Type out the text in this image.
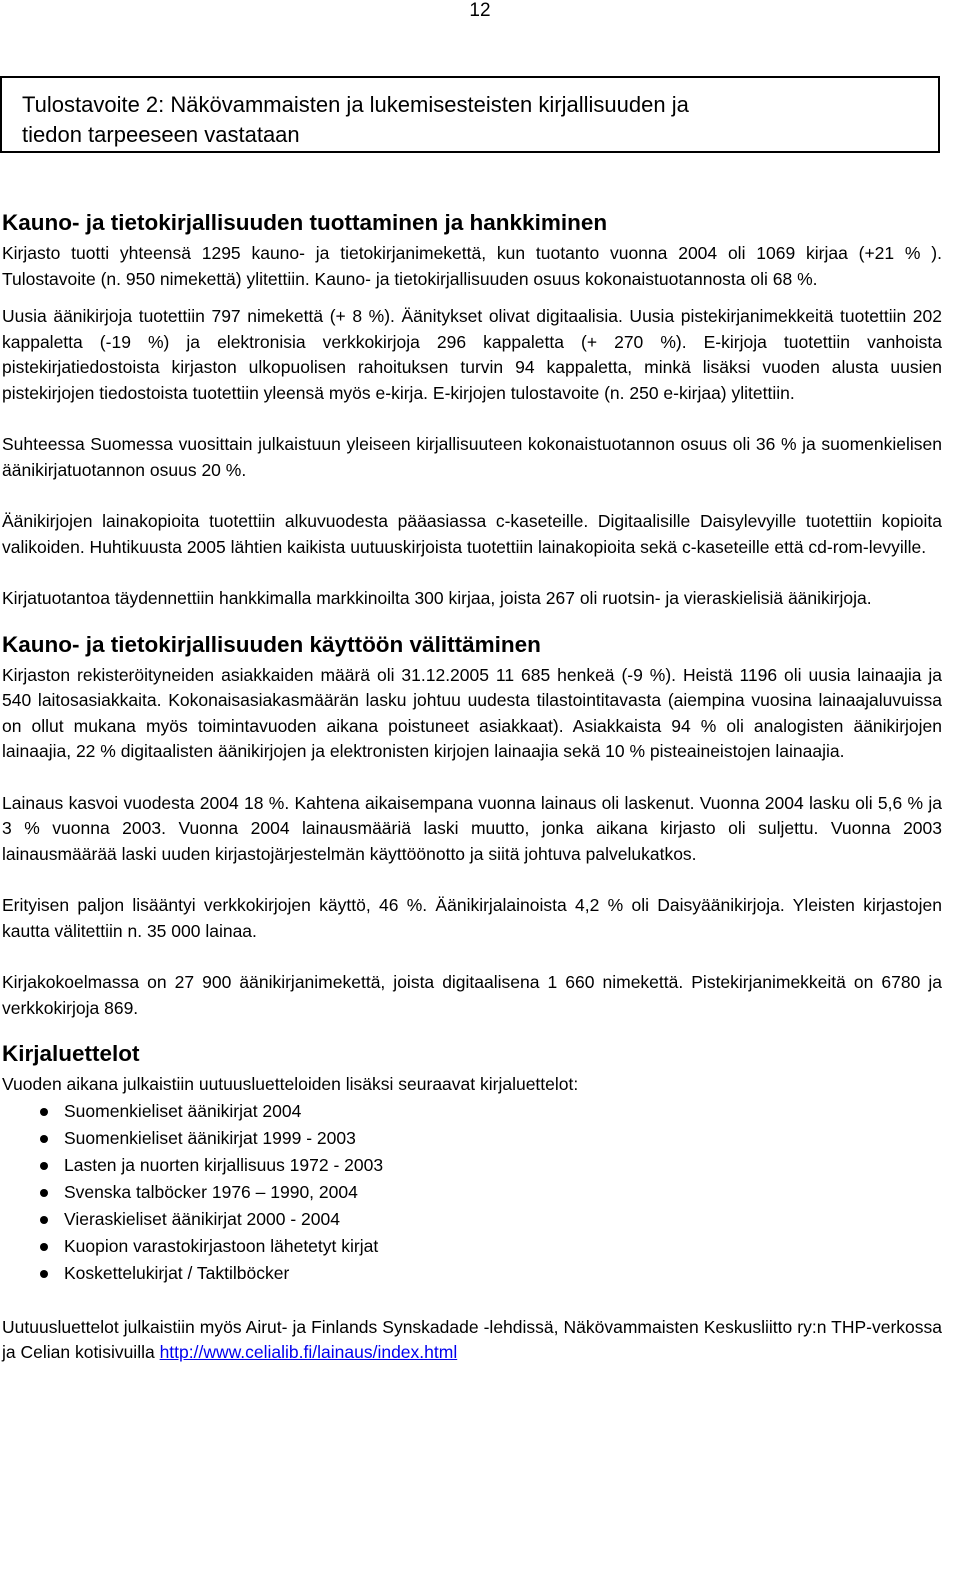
12
Tulostavoite 2: Näkövammaisten ja lukemisesteisten kirjallisuuden ja
tiedon tarpeeseen vastataan
Kauno- ja tietokirjallisuuden tuottaminen ja hankkiminen

Kirjasto tuotti yhteensä 1295 kauno- ja tietokirjanimekettä, kun tuotanto vuonna 2004 oli 1069 kirjaa (+21 % ). Tulostavoite (n. 950 nimekettä) ylitettiin. Kauno- ja tietokirjallisuuden osuus kokonaistuotannosta oli 68 %.

Uusia äänikirjoja tuotettiin 797 nimekettä (+ 8 %). Äänitykset olivat digitaalisia. Uusia pistekirjanimekkeitä tuotettiin 202 kappaletta (-19 %) ja elektronisia verkkokirjoja 296 kappaletta (+ 270 %). E-kirjoja tuotettiin vanhoista pistekirjatiedostoista kirjaston ulkopuolisen rahoituksen turvin 94 kappaletta, minkä lisäksi vuoden alusta uusien pistekirjojen tiedostoista tuotettiin yleensä myös e-kirja. E-kirjojen tulostavoite (n. 250 e-kirjaa) ylitettiin.

Suhteessa Suomessa vuosittain julkaistuun yleiseen kirjallisuuteen kokonaistuotannon osuus oli 36 % ja suomenkielisen äänikirjatuotannon osuus 20 %.

Äänikirjojen lainakopioita tuotettiin alkuvuodesta pääasiassa c-kaseteille. Digitaalisille Daisylevyille tuotettiin kopioita valikoiden. Huhtikuusta 2005 lähtien kaikista uutuuskirjoista tuotettiin lainakopioita sekä c-kaseteille että cd-rom-levyille.

Kirjatuotantoa täydennettiin hankkimalla markkinoilta 300 kirjaa, joista 267 oli ruotsin- ja vieraskielisiä äänikirjoja.

Kauno- ja tietokirjallisuuden käyttöön välittäminen

Kirjaston rekisteröityneiden asiakkaiden määrä oli 31.12.2005 11 685 henkeä (-9 %). Heistä 1196 oli uusia lainaajia ja 540 laitosasiakkaita. Kokonaisasiakasmäärän lasku johtuu uudesta tilastointitavasta (aiempina vuosina lainaajaluvuissa on ollut mukana myös toimintavuoden aikana poistuneet asiakkaat). Asiakkaista 94 % oli analogisten äänikirjojen lainaajia, 22 % digitaalisten äänikirjojen ja elektronisten kirjojen lainaajia sekä 10 % pisteaineistojen lainaajia.

Lainaus kasvoi vuodesta 2004 18 %. Kahtena aikaisempana vuonna lainaus oli laskenut. Vuonna 2004 lasku oli 5,6 % ja 3 % vuonna 2003. Vuonna 2004 lainausmääriä laski muutto, jonka aikana kirjasto oli suljettu. Vuonna 2003 lainausmäärää laski uuden kirjastojärjestelmän käyttöönotto ja siitä johtuva palvelukatkos.

Erityisen paljon lisääntyi verkkokirjojen käyttö, 46 %. Äänikirjalainoista 4,2 % oli Daisyäänikirjoja. Yleisten kirjastojen kautta välitettiin n. 35 000 lainaa.

Kirjakokoelmassa on 27 900 äänikirjanimekettä, joista digitaalisena 1 660 nimekettä. Pistekirjanimekkeitä on 6780 ja verkkokirjoja 869.

Kirjaluettelot

Vuoden aikana julkaistiin uutuusluetteloiden lisäksi seuraavat kirjaluettelot:

Suomenkieliset äänikirjat 2004
Suomenkieliset äänikirjat 1999 - 2003
Lasten ja nuorten kirjallisuus 1972 - 2003
Svenska talböcker 1976 – 1990, 2004
Vieraskieliset äänikirjat 2000 - 2004
Kuopion varastokirjastoon lähetetyt kirjat
Koskettelukirjat / Taktilböcker

Uutuusluettelot julkaistiin myös Airut- ja Finlands Synskadade -lehdissä, Näkövammaisten Keskusliitto ry:n THP-verkossa ja Celian kotisivuilla http://www.celialib.fi/lainaus/index.html
